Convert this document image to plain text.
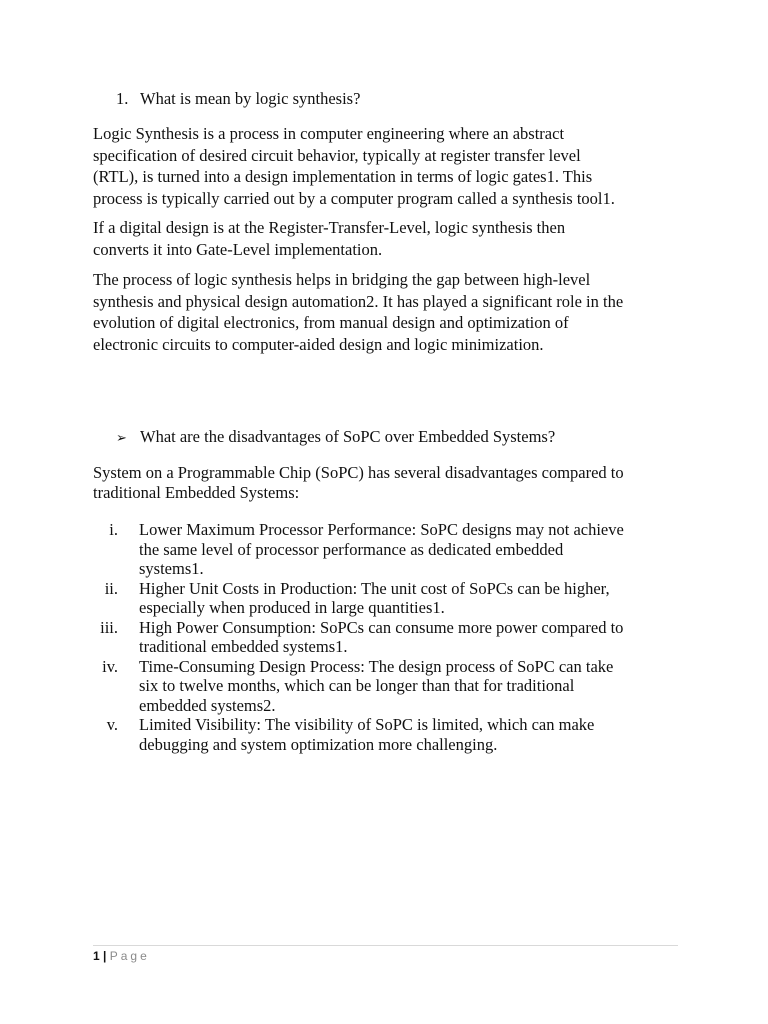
1. What is mean by logic synthesis?
Logic Synthesis is a process in computer engineering where an abstract
specification of desired circuit behavior, typically at register transfer level
(RTL), is turned into a design implementation in terms of logic gates1. This
process is typically carried out by a computer program called a synthesis tool1.
If a digital design is at the Register-Transfer-Level, logic synthesis then
converts it into Gate-Level implementation.
The process of logic synthesis helps in bridging the gap between high-level
synthesis and physical design automation2. It has played a significant role in the
evolution of digital electronics, from manual design and optimization of
electronic circuits to computer-aided design and logic minimization.
➢ What are the disadvantages of SoPC over Embedded Systems?
System on a Programmable Chip (SoPC) has several disadvantages compared to
traditional Embedded Systems:
i. Lower Maximum Processor Performance: SoPC designs may not achieve
the same level of processor performance as dedicated embedded
systems1.
ii. Higher Unit Costs in Production: The unit cost of SoPCs can be higher,
especially when produced in large quantities1.
iii. High Power Consumption: SoPCs can consume more power compared to
traditional embedded systems1.
iv. Time-Consuming Design Process: The design process of SoPC can take
six to twelve months, which can be longer than that for traditional
embedded systems2.
v. Limited Visibility: The visibility of SoPC is limited, which can make
debugging and system optimization more challenging.
1 | Page
